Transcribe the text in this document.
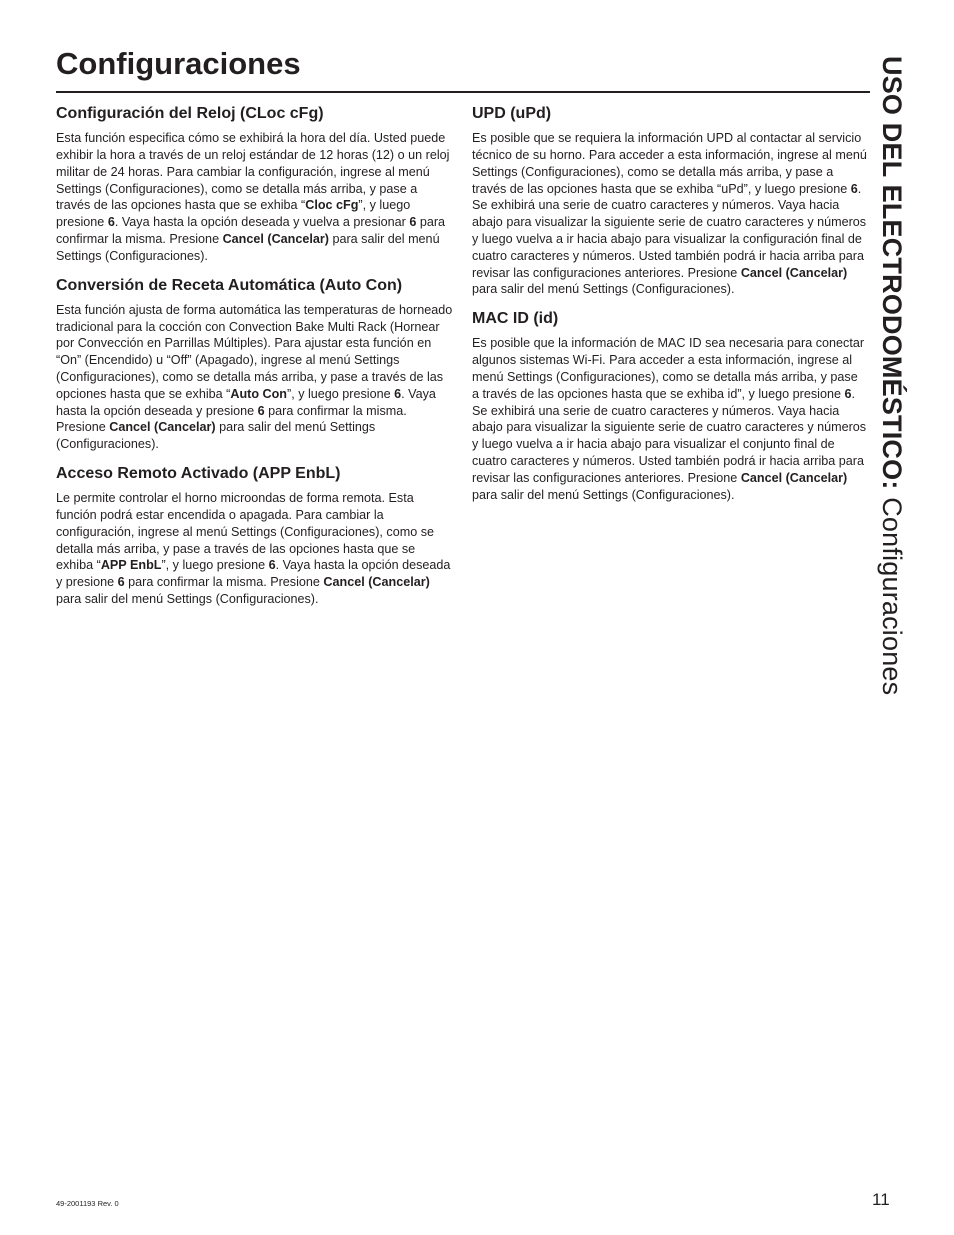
Configuraciones
Configuración del Reloj (CLoc cFg)

Esta función especifica cómo se exhibirá la hora del día. Usted puede exhibir la hora a través de un reloj estándar de 12 horas (12) o un reloj militar de 24 horas. Para cambiar la configuración, ingrese al menú Settings (Configuraciones), como se detalla más arriba, y pase a través de las opciones hasta que se exhiba “Cloc cFg”, y luego presione 6. Vaya hasta la opción deseada y vuelva a presionar 6 para confirmar la misma. Presione Cancel (Cancelar) para salir del menú Settings (Configuraciones).

Conversión de Receta Automática (Auto Con)

Esta función ajusta de forma automática las temperaturas de horneado tradicional para la cocción con Convection Bake Multi Rack (Hornear por Convección en Parrillas Múltiples). Para ajustar esta función en “On” (Encendido) u “Off” (Apagado), ingrese al menú Settings (Configuraciones), como se detalla más arriba, y pase a través de las opciones hasta que se exhiba “Auto Con”, y luego presione 6. Vaya hasta la opción deseada y presione 6 para confirmar la misma. Presione Cancel (Cancelar) para salir del menú Settings (Configuraciones).

Acceso Remoto Activado (APP EnbL)

Le permite controlar el horno microondas de forma remota. Esta función podrá estar encendida o apagada. Para cambiar la configuración, ingrese al menú Settings (Configuraciones), como se detalla más arriba, y pase a través de las opciones hasta que se exhiba “APP EnbL”, y luego presione 6. Vaya hasta la opción deseada y presione 6 para confirmar la misma. Presione Cancel (Cancelar) para salir del menú Settings (Configuraciones).

UPD (uPd)

Es posible que se requiera la información UPD al contactar al servicio técnico de su horno. Para acceder a esta información, ingrese al menú Settings (Configuraciones), como se detalla más arriba, y pase a través de las opciones hasta que se exhiba “uPd”, y luego presione 6. Se exhibirá una serie de cuatro caracteres y números. Vaya hacia abajo para visualizar la siguiente serie de cuatro caracteres y números y luego vuelva a ir hacia abajo para visualizar la configuración final de cuatro caracteres y números. Usted también podrá ir hacia arriba para revisar las configuraciones anteriores. Presione Cancel (Cancelar) para salir del menú Settings (Configuraciones).

MAC ID (id)

Es posible que la información de MAC ID sea necesaria para conectar algunos sistemas Wi-Fi. Para acceder a esta información, ingrese al menú Settings (Configuraciones), como se detalla más arriba, y pase a través de las opciones hasta que se exhiba id”, y luego presione 6. Se exhibirá una serie de cuatro caracteres y números. Vaya hacia abajo para visualizar la siguiente serie de cuatro caracteres y números y luego vuelva a ir hacia abajo para visualizar el conjunto final de cuatro caracteres y números. Usted también podrá ir hacia arriba para revisar las configuraciones anteriores. Presione Cancel (Cancelar) para salir del menú Settings (Configuraciones).

USO DEL ELECTRODOMÉSTICO: Configuraciones
11
49-2001193 Rev. 0
